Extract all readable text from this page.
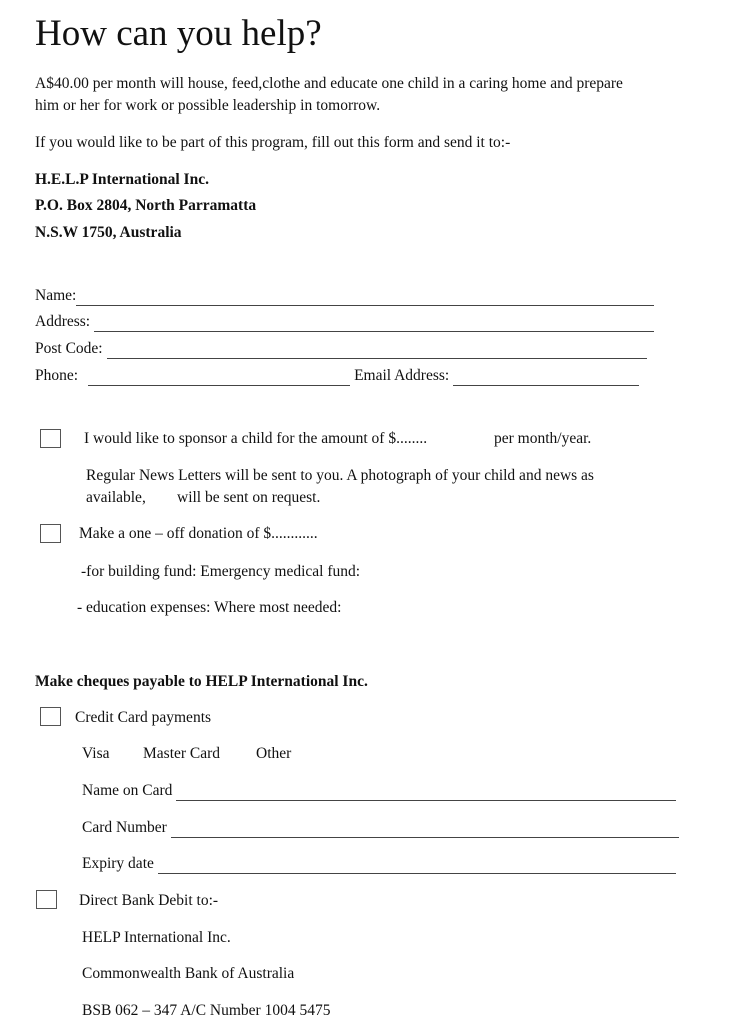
How can you help?
A$40.00 per month will house, feed,clothe and educate one child in a caring home and prepare
him or her for work or possible leadership in tomorrow.
If you would like to be part of this program, fill out this form and send it to:-
H.E.L.P International Inc.
P.O. Box 2804, North Parramatta
N.S.W 1750, Australia
Name:
Address:
Post Code:
Phone:	Email Address:
I would like to sponsor a child for the amount of $........	per month/year.
Regular News Letters will be sent to you. A photograph of your child and news as
available, will be sent on request.
Make a one – off donation of $............
-for building fund: Emergency medical fund:
- education expenses: Where most needed:
Make cheques payable to HELP International Inc.
Credit Card payments
Visa Master Card Other
Name on Card
Card Number
Expiry date
Direct Bank Debit to:-
HELP International Inc.
Commonwealth Bank of Australia
BSB 062 – 347 A/C Number 1004 5475
